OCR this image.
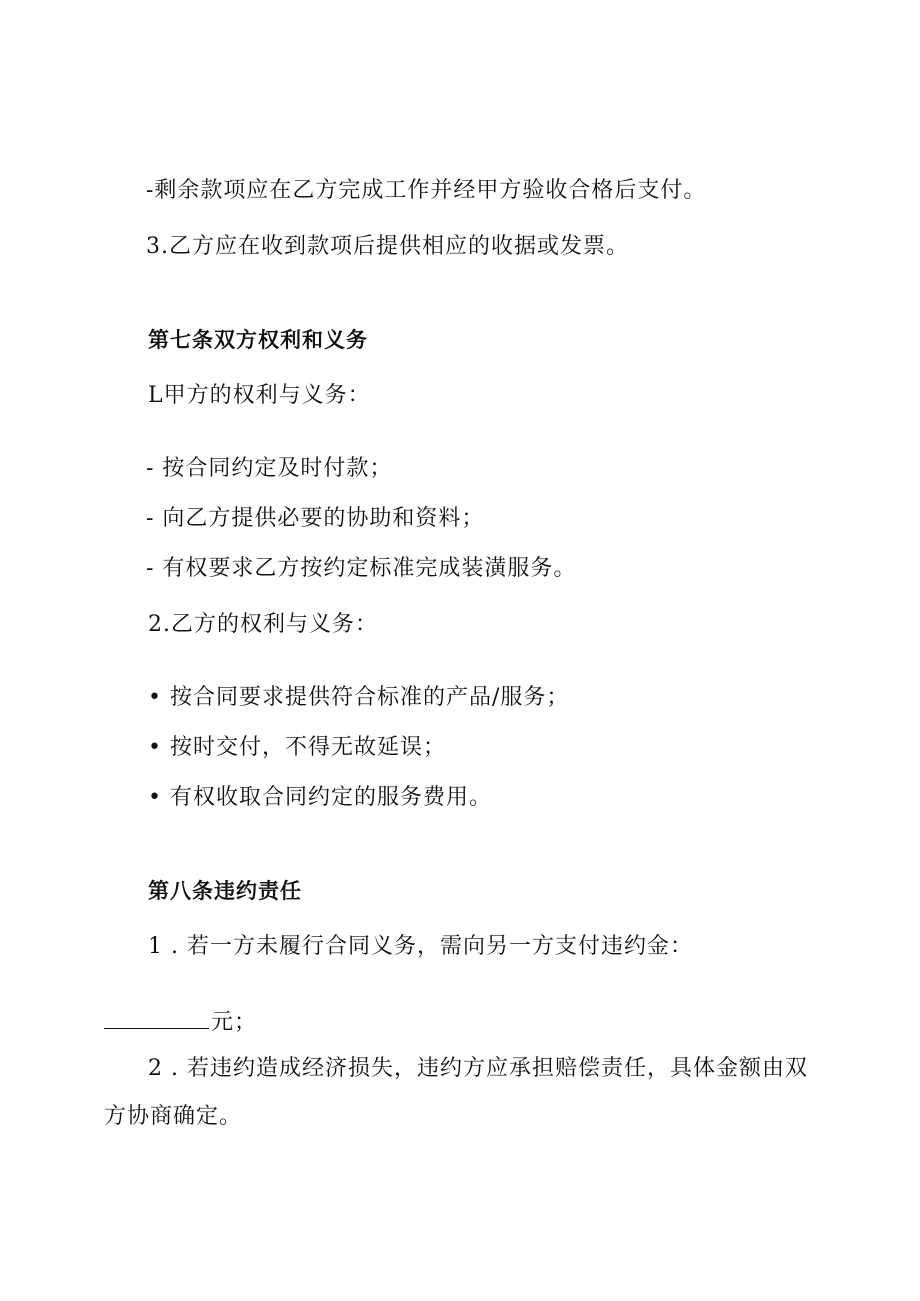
-剩余款项应在乙方完成工作并经甲方验收合格后支付。
3.乙方应在收到款项后提供相应的收据或发票。
第七条双方权利和义务
L甲方的权利与义务：
- 按合同约定及时付款；
- 向乙方提供必要的协助和资料；
- 有权要求乙方按约定标准完成装潢服务。
2.乙方的权利与义务：
• 按合同要求提供符合标准的产品/服务；
• 按时交付，不得无故延误；
• 有权收取合同约定的服务费用。
第八条违约责任
1 . 若一方未履行合同义务，需向另一方支付违约金：
元；
2 . 若违约造成经济损失，违约方应承担赔偿责任，具体金额由双
方协商确定。
